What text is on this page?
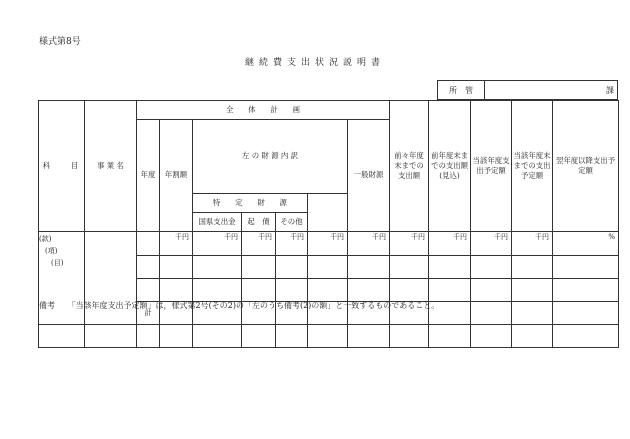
様式第8号
継続費支出状況説明書
所　管	課
科　　目	事 業 名	全　　体　　計　　画							前々年度末までの支出額	前年度末までの支出額(見込)	当該年度支出予定額	当該年度末までの支出予定額	翌年度以降支出予定額	
		年度	年割額	左 の 財 源 内 訳				一般財源						
				特　　定　　財　　源										
				国県支出金	起　債	その他								

(款)
(項)
(目)			千円	千円	千円	千円	千円	千円	千円	千円	千円	千円	%	

		計												

備考 「当該年度支出予定額」は，様式第2号(その2)の「左のうち備考(2)の額」と一致するものであること。
